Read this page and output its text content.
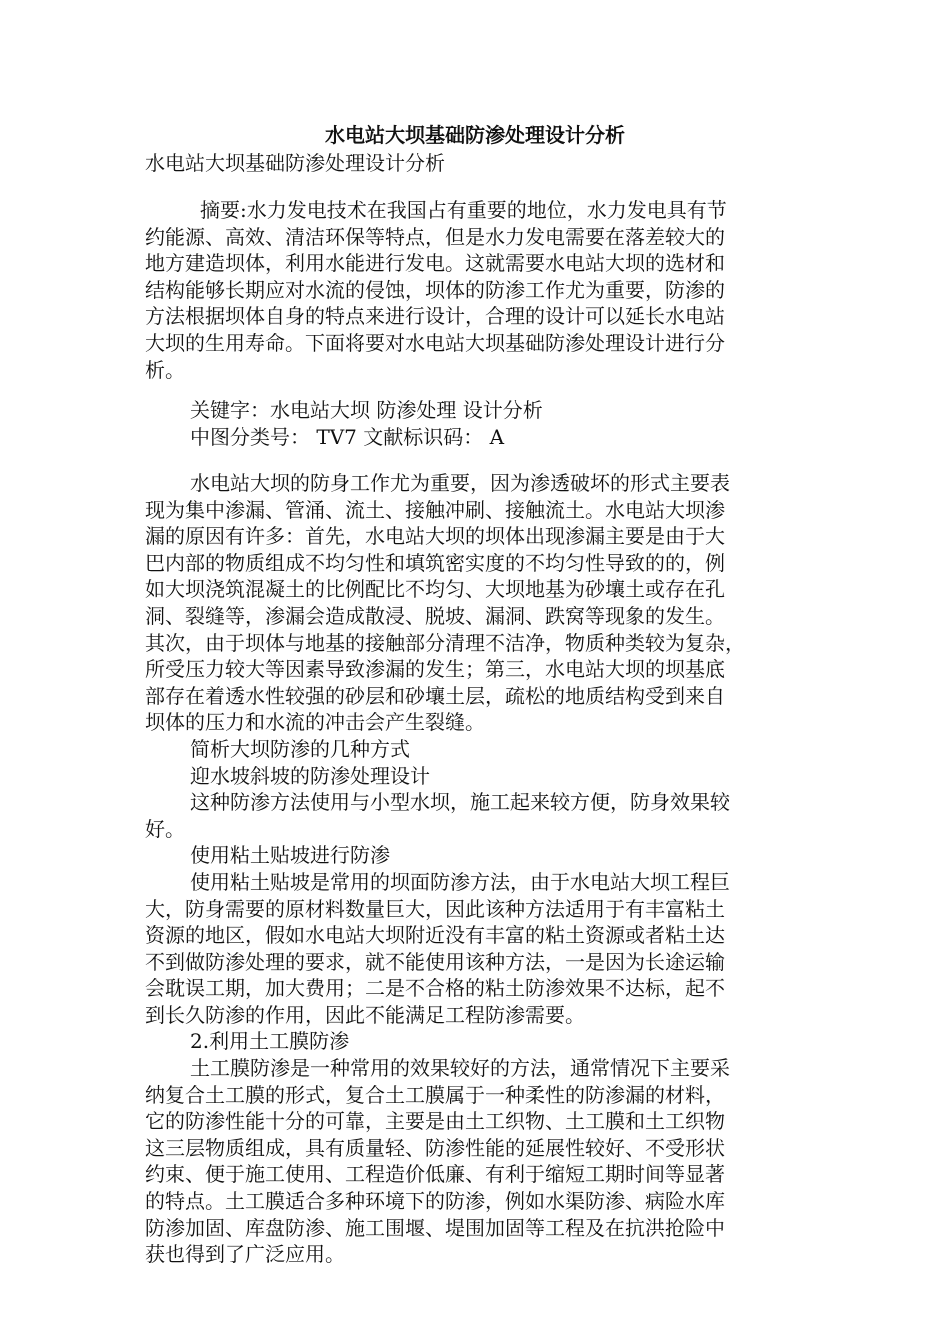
水电站大坝基础防渗处理设计分析
水电站大坝基础防渗处理设计分析
摘要:水力发电技术在我国占有重要的地位，水力发电具有节
约能源、高效、清洁环保等特点，但是水力发电需要在落差较大的
地方建造坝体，利用水能进行发电。这就需要水电站大坝的选材和
结构能够长期应对水流的侵蚀，坝体的防渗工作尤为重要，防渗的
方法根据坝体自身的特点来进行设计，合理的设计可以延长水电站
大坝的生用寿命。下面将要对水电站大坝基础防渗处理设计进行分
析。
关键字：水电站大坝 防渗处理 设计分析
中图分类号： TV7 文献标识码： A
水电站大坝的防身工作尤为重要，因为渗透破坏的形式主要表
现为集中渗漏、管涌、流土、接触冲刷、接触流土。水电站大坝渗
漏的原因有许多：首先，水电站大坝的坝体出现渗漏主要是由于大
巴内部的物质组成不均匀性和填筑密实度的不均匀性导致的的，例
如大坝浇筑混凝土的比例配比不均匀、大坝地基为砂壤土或存在孔
洞、裂缝等，渗漏会造成散浸、脱坡、漏洞、跌窝等现象的发生。
其次，由于坝体与地基的接触部分清理不洁净，物质种类较为复杂，
所受压力较大等因素导致渗漏的发生；第三，水电站大坝的坝基底
部存在着透水性较强的砂层和砂壤土层，疏松的地质结构受到来自
坝体的压力和水流的冲击会产生裂缝。
简析大坝防渗的几种方式
迎水坡斜坡的防渗处理设计
这种防渗方法使用与小型水坝，施工起来较方便，防身效果较
好。
使用粘土贴坡进行防渗
使用粘土贴坡是常用的坝面防渗方法，由于水电站大坝工程巨
大，防身需要的原材料数量巨大，因此该种方法适用于有丰富粘土
资源的地区，假如水电站大坝附近没有丰富的粘土资源或者粘土达
不到做防渗处理的要求，就不能使用该种方法，一是因为长途运输
会耽误工期，加大费用；二是不合格的粘土防渗效果不达标，起不
到长久防渗的作用，因此不能满足工程防渗需要。
2.利用土工膜防渗
土工膜防渗是一种常用的效果较好的方法，通常情况下主要采
纳复合土工膜的形式，复合土工膜属于一种柔性的防渗漏的材料，
它的防渗性能十分的可靠，主要是由土工织物、土工膜和土工织物
这三层物质组成，具有质量轻、防渗性能的延展性较好、不受形状
约束、便于施工使用、工程造价低廉、有利于缩短工期时间等显著
的特点。土工膜适合多种环境下的防渗，例如水渠防渗、病险水库
防渗加固、库盘防渗、施工围堰、堤围加固等工程及在抗洪抢险中
获也得到了广泛应用。
